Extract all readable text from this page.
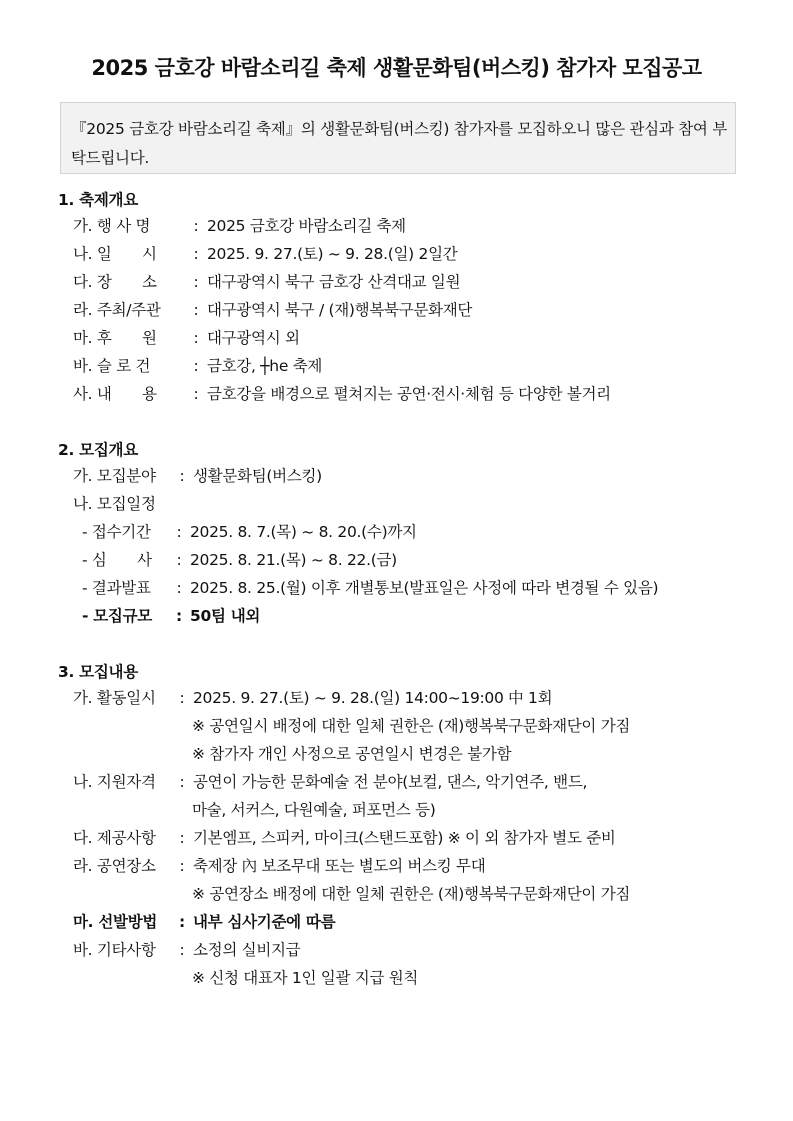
2025 금호강 바람소리길 축제 생활문화팀(버스킹) 참가자 모집공고
『2025 금호강 바람소리길 축제』의 생활문화팀(버스킹) 참가자를 모집하오니 많은 관심과 참여 부탁드립니다.
1. 축제개요
가. 행 사 명	: 2025 금호강 바람소리길 축제
나. 일　　시 : 2025. 9. 27.(토) ~ 9. 28.(일) 2일간
다. 장　　소 : 대구광역시 북구 금호강 산격대교 일원
라. 주최/주관 : 대구광역시 북구 / (재)행복북구문화재단
마. 후　　원 : 대구광역시 외
바. 슬 로 건	: 금호강, ┼he 축제
사. 내　　용 : 금호강을 배경으로 펼쳐지는 공연·전시·체험 등 다양한 볼거리
2. 모집개요
가. 모집분야 : 생활문화팀(버스킹)
나. 모집일정
- 접수기간 : 2025. 8. 7.(목) ~ 8. 20.(수)까지
- 심　　사 : 2025. 8. 21.(목) ~ 8. 22.(금)
- 결과발표 : 2025. 8. 25.(월) 이후 개별통보(발표일은 사정에 따라 변경될 수 있음)
- 모집규모 : 50팀 내외
3. 모집내용
가. 활동일시 : 2025. 9. 27.(토) ~ 9. 28.(일) 14:00~19:00 中 1회
※ 공연일시 배정에 대한 일체 권한은 (재)행복북구문화재단이 가짐
※ 참가자 개인 사정으로 공연일시 변경은 불가함
나. 지원자격 : 공연이 가능한 문화예술 전 분야(보컬, 댄스, 악기연주, 밴드,
마술, 서커스, 다원예술, 퍼포먼스 등)
다. 제공사항 : 기본엠프, 스피커, 마이크(스탠드포함) ※ 이 외 참가자 별도 준비
라. 공연장소 : 축제장 內 보조무대 또는 별도의 버스킹 무대
※ 공연장소 배정에 대한 일체 권한은 (재)행복북구문화재단이 가짐
마. 선발방법 : 내부 심사기준에 따름
바. 기타사항 : 소정의 실비지급
※ 신청 대표자 1인 일괄 지급 원칙
